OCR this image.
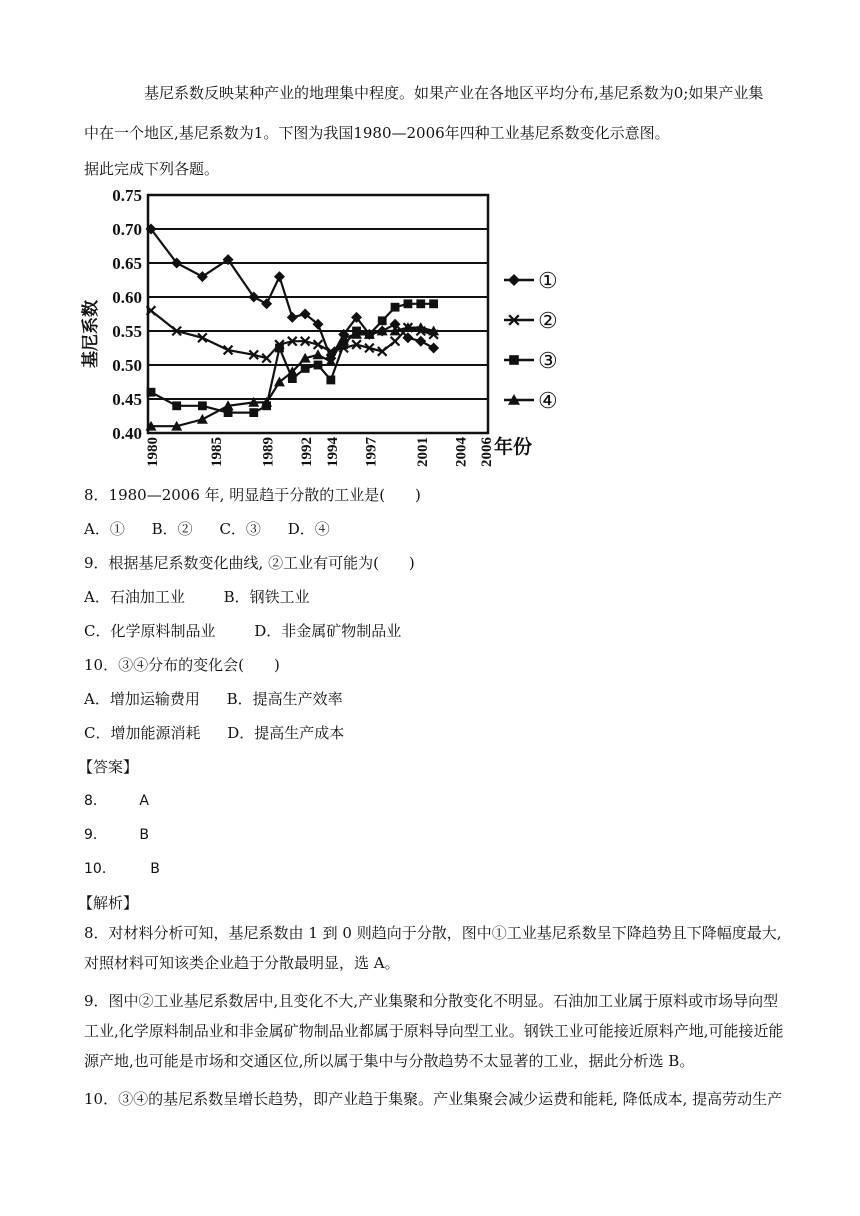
基尼系数反映某种产业的地理集中程度。如果产业在各地区平均分布,基尼系数为0;如果产业集
中在一个地区,基尼系数为1。下图为我国1980—2006年四种工业基尼系数变化示意图。
据此完成下列各题。
0.75
0.70
0.65
0.60
0.55
0.50
0.45
0.40
1980	1985 1989 1992 1994 1997 2001 2004 2006
基尼系数
年份
①
②
③
④
8．1980—2006 年, 明显趋于分散的工业是(　　)
A．① B．② C．③ D．④
9．根据基尼系数变化曲线, ②工业有可能为(　　)
A．石油加工业	B．钢铁工业
C．化学原料制品业	D．非金属矿物制品业
10．③④分布的变化会(　　)
A．增加运输费用 B．提高生产效率
C．增加能源消耗 D．提高生产成本
【答案】
8． A
9． B
10． B
【解析】
8．对材料分析可知，基尼系数由 1 到 0 则趋向于分散，图中①工业基尼系数呈下降趋势且下降幅度最大,对照材料可知该类企业趋于分散最明显，选 A。
9．图中②工业基尼系数居中,且变化不大,产业集聚和分散变化不明显。石油加工业属于原料或市场导向型工业,化学原料制品业和非金属矿物制品业都属于原料导向型工业。钢铁工业可能接近原料产地,可能接近能源产地,也可能是市场和交通区位,所以属于集中与分散趋势不太显著的工业，据此分析选 B。
10．③④的基尼系数呈增长趋势，即产业趋于集聚。产业集聚会减少运费和能耗, 降低成本, 提高劳动生产
